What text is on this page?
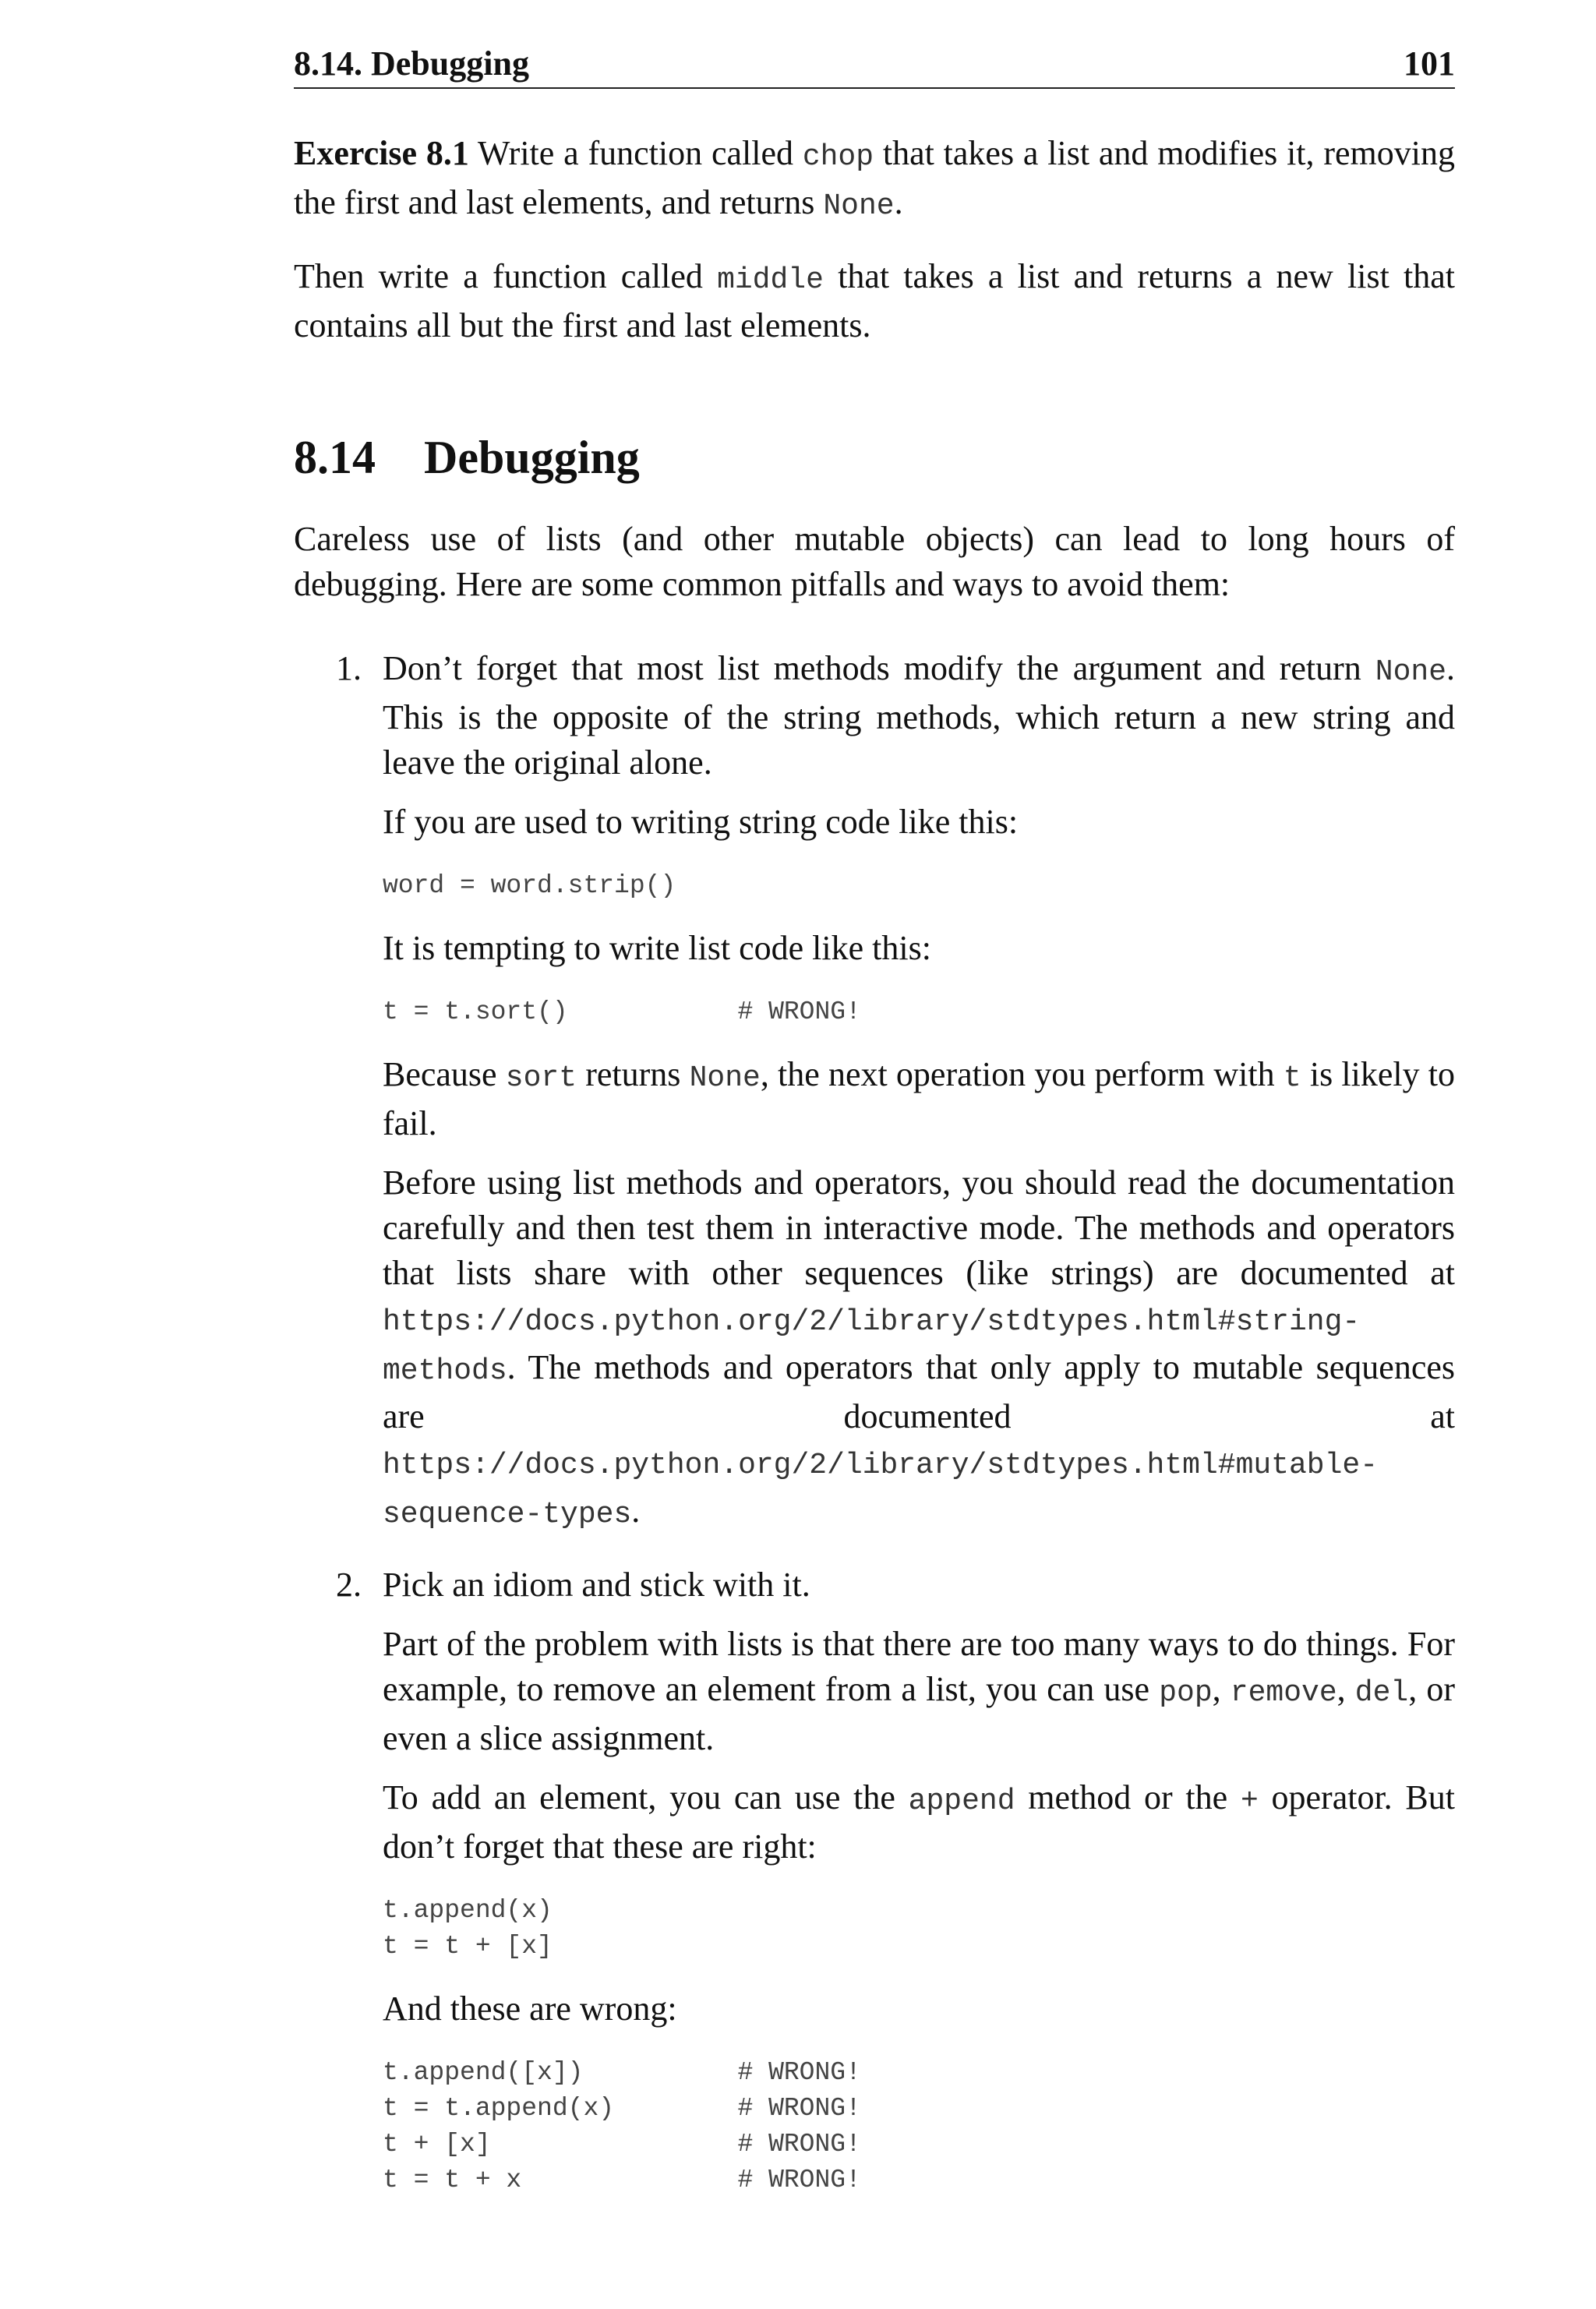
8.14. Debugging	101

Exercise 8.1 Write a function called chop that takes a list and modifies it, removing the first and last elements, and returns None.

Then write a function called middle that takes a list and returns a new list that contains all but the first and last elements.

8.14 Debugging

Careless use of lists (and other mutable objects) can lead to long hours of debugging. Here are some common pitfalls and ways to avoid them:

1. Don’t forget that most list methods modify the argument and return None. This is the opposite of the string methods, which return a new string and leave the original alone.

If you are used to writing string code like this:

word = word.strip()

It is tempting to write list code like this:

t = t.sort()           # WRONG!

Because sort returns None, the next operation you perform with t is likely to fail.

Before using list methods and operators, you should read the documentation carefully and then test them in interactive mode. The methods and operators that lists share with other sequences (like strings) are documented at https://docs.python.org/2/library/stdtypes.html#string-methods. The methods and operators that only apply to mutable sequences are documented at https://docs.python.org/2/library/stdtypes.html#mutable-sequence-types.

2. Pick an idiom and stick with it.

Part of the problem with lists is that there are too many ways to do things. For example, to remove an element from a list, you can use pop, remove, del, or even a slice assignment.

To add an element, you can use the append method or the + operator. But don’t forget that these are right:

t.append(x)
t = t + [x]

And these are wrong:

t.append([x])          # WRONG!
t = t.append(x)        # WRONG!
t + [x]                # WRONG!
t = t + x              # WRONG!
